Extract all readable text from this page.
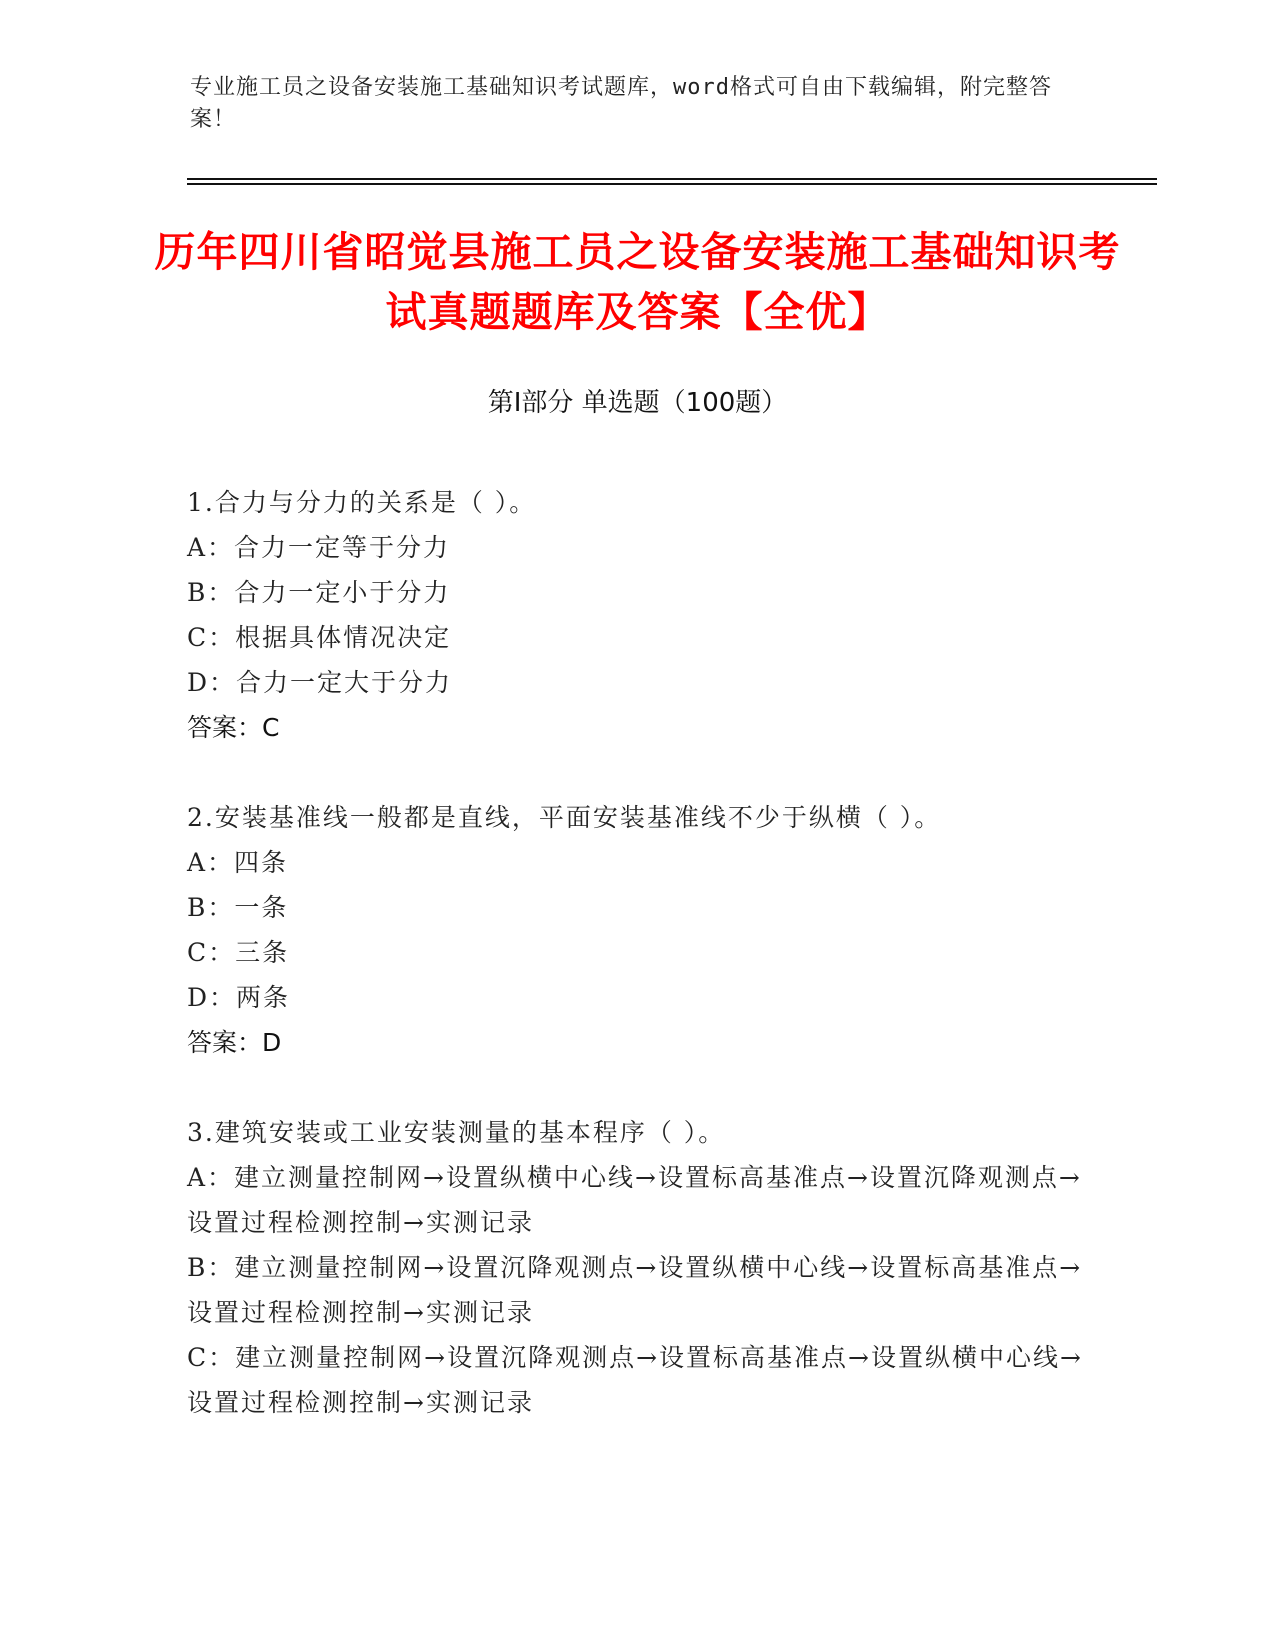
专业施工员之设备安装施工基础知识考试题库，word格式可自由下载编辑，附完整答案！
历年四川省昭觉县施工员之设备安装施工基础知识考试真题题库及答案【全优】
第I部分 单选题（100题）
1.合力与分力的关系是（ ）。
A：合力一定等于分力
B：合力一定小于分力
C：根据具体情况决定
D：合力一定大于分力
答案：C
2.安装基准线一般都是直线，平面安装基准线不少于纵横（ ）。
A：四条
B：一条
C：三条
D：两条
答案：D
3.建筑安装或工业安装测量的基本程序（ ）。
A：建立测量控制网→设置纵横中心线→设置标高基准点→设置沉降观测点→设置过程检测控制→实测记录
B：建立测量控制网→设置沉降观测点→设置纵横中心线→设置标高基准点→设置过程检测控制→实测记录
C：建立测量控制网→设置沉降观测点→设置标高基准点→设置纵横中心线→设置过程检测控制→实测记录
